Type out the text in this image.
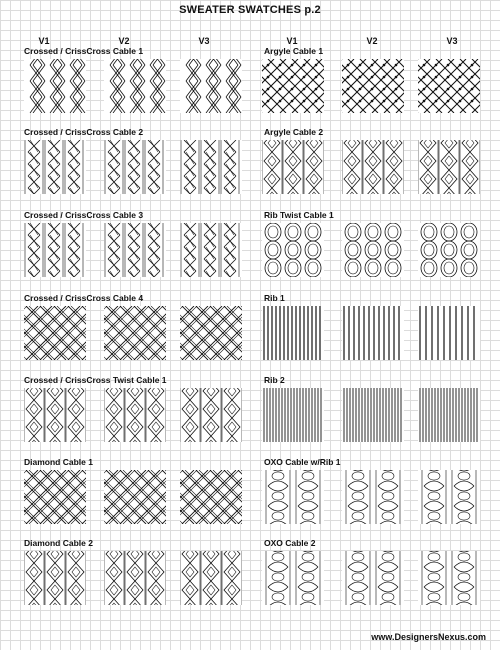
SWEATER SWATCHES p.2
V1	V2	V3	V1	V2	V3
Crossed / CrissCross Cable 1
Crossed / CrissCross Cable 2
Crossed / CrissCross Cable 3
Crossed / CrissCross Cable 4
Crossed / CrissCross Twist Cable 1
Diamond Cable 1
Diamond Cable 2
Argyle Cable 1
Argyle Cable 2
Rib Twist Cable 1
Rib 1
Rib 2
OXO Cable w/Rib 1
OXO Cable 2
www.DesignersNexus.com
